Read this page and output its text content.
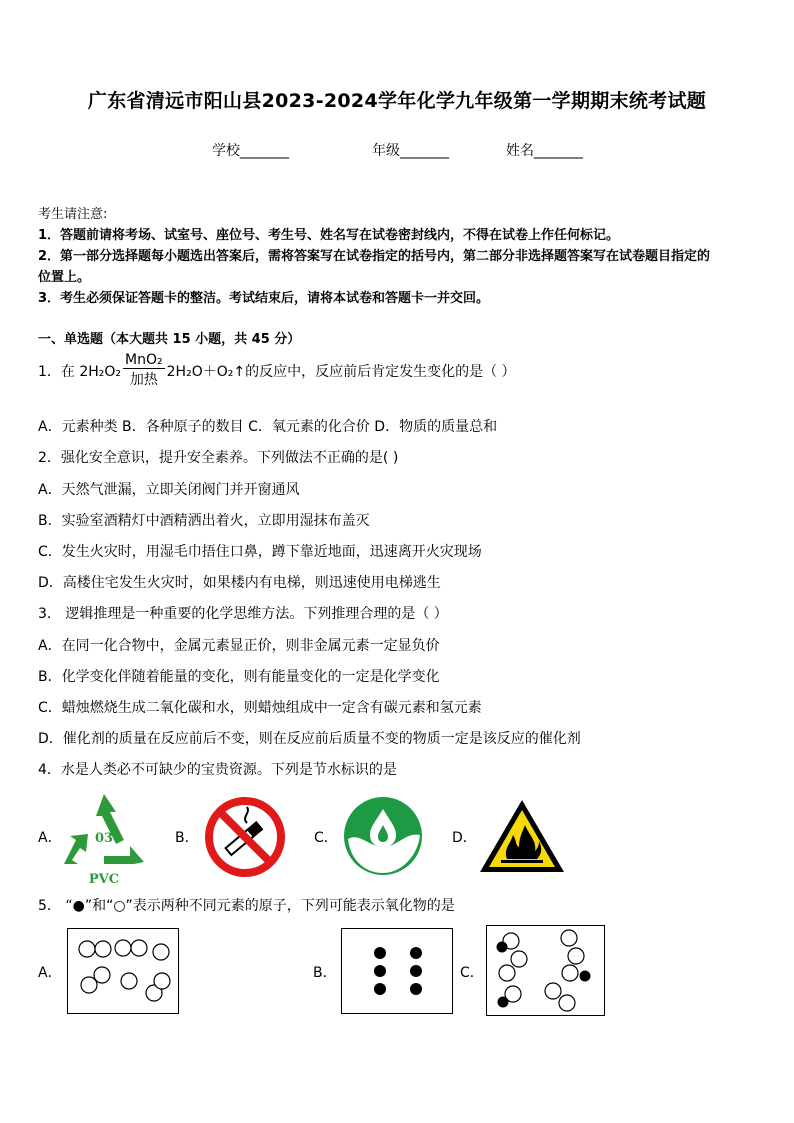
广东省清远市阳山县2023-2024学年化学九年级第一学期期末统考试题
学校_______	年级_______	姓名_______
考生请注意:
1．答题前请将考场、试室号、座位号、考生号、姓名写在试卷密封线内，不得在试卷上作任何标记。
2．第一部分选择题每小题选出答案后，需将答案写在试卷指定的括号内，第二部分非选择题答案写在试卷题目指定的
位置上。
3．考生必须保证答题卡的整洁。考试结束后，请将本试卷和答题卡一并交回。
一、单选题（本大题共 15 小题，共 45 分）
1．在 $2H_2O_2 \frac{\text{MnO₂}}{\text{加热}}$ 2H₂O＋O₂↑的反应中，反应前后肯定发生变化的是（ ）
A．元素种类 B．各种原子的数目 C．氧元素的化合价 D．物质的质量总和
2．强化安全意识，提升安全素养。下列做法不正确的是( )
A．天然气泄漏，立即关闭阀门并开窗通风
B．实验室酒精灯中酒精洒出着火，立即用湿抹布盖灭
C．发生火灾时，用湿毛巾捂住口鼻，蹲下靠近地面，迅速离开火灾现场
D．高楼住宅发生火灾时，如果楼内有电梯，则迅速使用电梯逃生
3． 逻辑推理是一种重要的化学思维方法。下列推理合理的是（ ）
A．在同一化合物中，金属元素显正价，则非金属元素一定显负价
B．化学变化伴随着能量的变化，则有能量变化的一定是化学变化
C．蜡烛燃烧生成二氧化碳和水，则蜡烛组成中一定含有碳元素和氢元素
D．催化剂的质量在反应前后不变，则在反应前后质量不变的物质一定是该反应的催化剂
4．水是人类必不可缺少的宝贵资源。下列是节水标识的是
A．	03
PVC
B．	C．	D．
5． “●”和“○”表示两种不同元素的原子，下列可能表示氧化物的是
A．	B．	C．
